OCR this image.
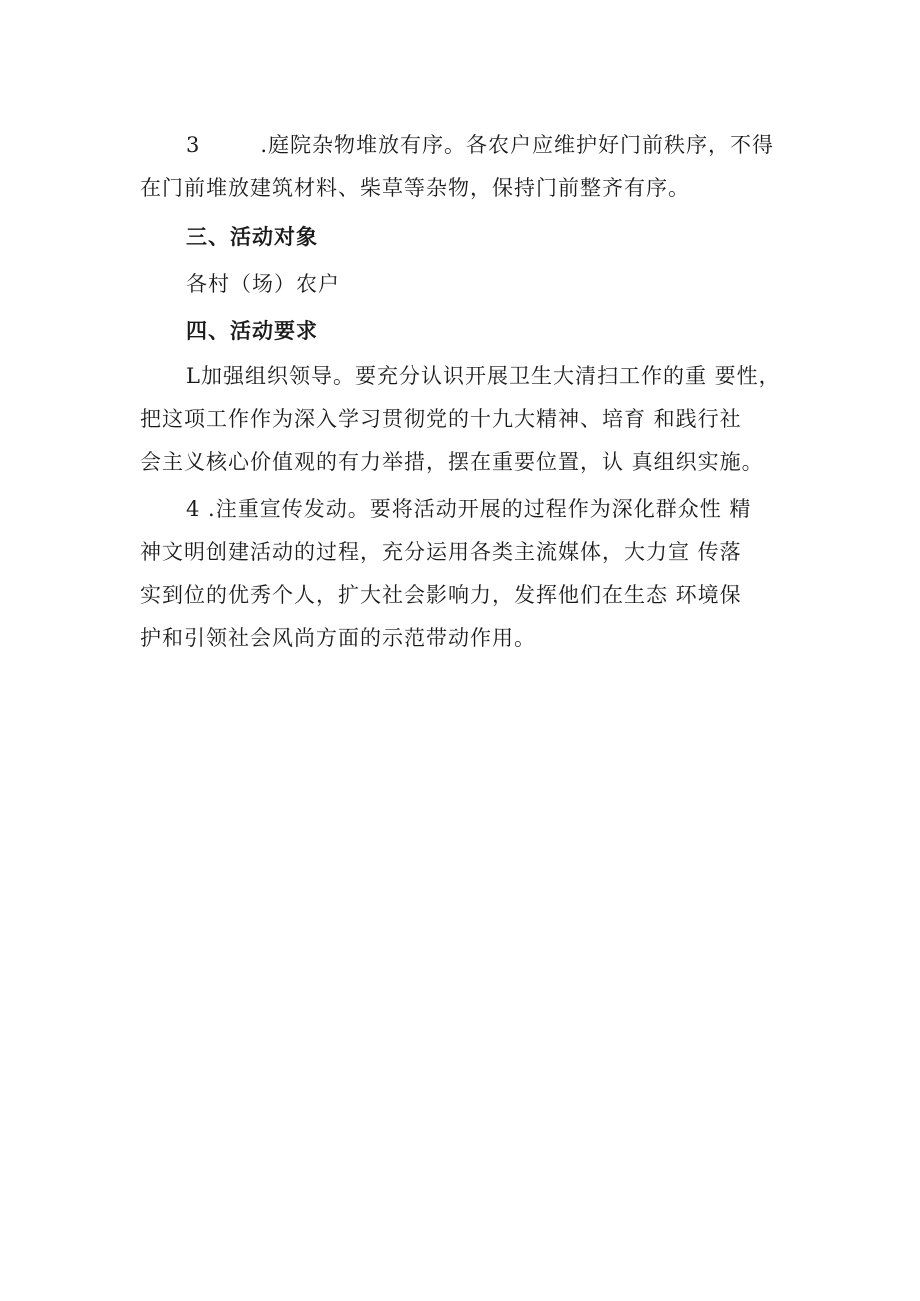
3	.庭院杂物堆放有序。各农户应维护好门前秩序，不得
在门前堆放建筑材料、柴草等杂物，保持门前整齐有序。
三、活动对象
各村（场）农户
四、活动要求
L加强组织领导。要充分认识开展卫生大清扫工作的重 要性，
把这项工作作为深入学习贯彻党的十九大精神、培育 和践行社
会主义核心价值观的有力举措，摆在重要位置，认 真组织实施。
4 .注重宣传发动。要将活动开展的过程作为深化群众性 精
神文明创建活动的过程，充分运用各类主流媒体，大力宣 传落
实到位的优秀个人，扩大社会影响力，发挥他们在生态 环境保
护和引领社会风尚方面的示范带动作用。
